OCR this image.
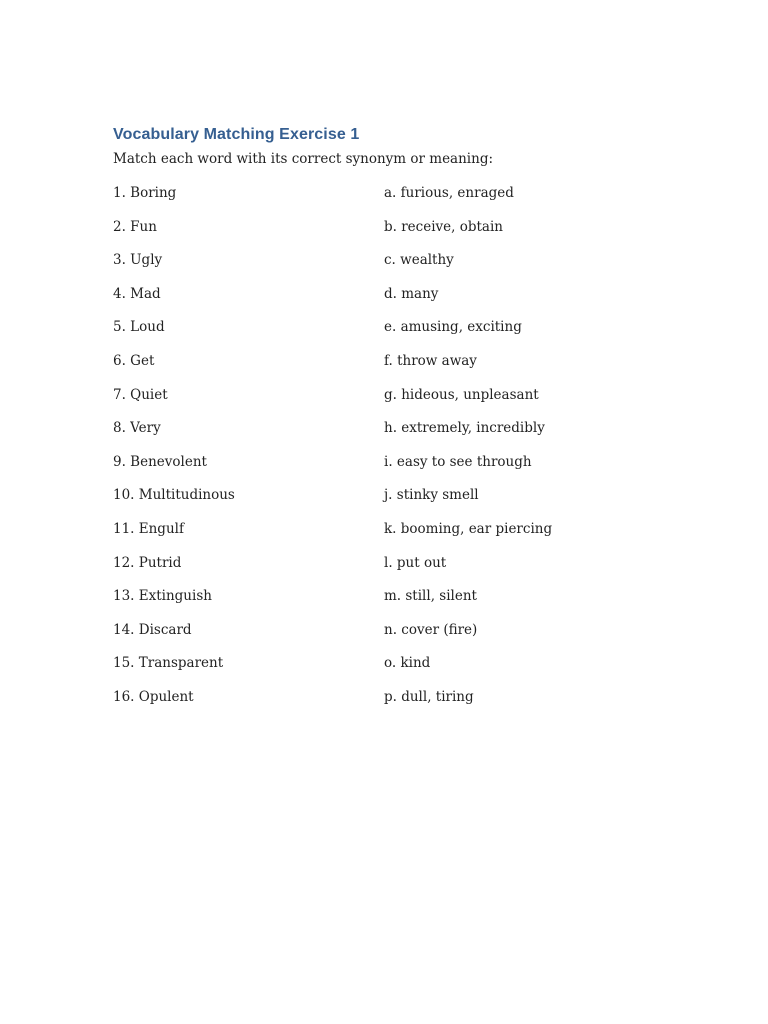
Vocabulary Matching Exercise 1
Match each word with its correct synonym or meaning:
1. Boring	a. furious, enraged
2. Fun	b. receive, obtain
3. Ugly	c. wealthy
4. Mad	d. many
5. Loud	e. amusing, exciting
6. Get	f. throw away
7. Quiet	g. hideous, unpleasant
8. Very	h. extremely, incredibly
9. Benevolent	i. easy to see through
10. Multitudinous	j. stinky smell
11. Engulf	k. booming, ear piercing
12. Putrid	l. put out
13. Extinguish	m. still, silent
14. Discard	n. cover (fire)
15. Transparent	o. kind
16. Opulent	p. dull, tiring
